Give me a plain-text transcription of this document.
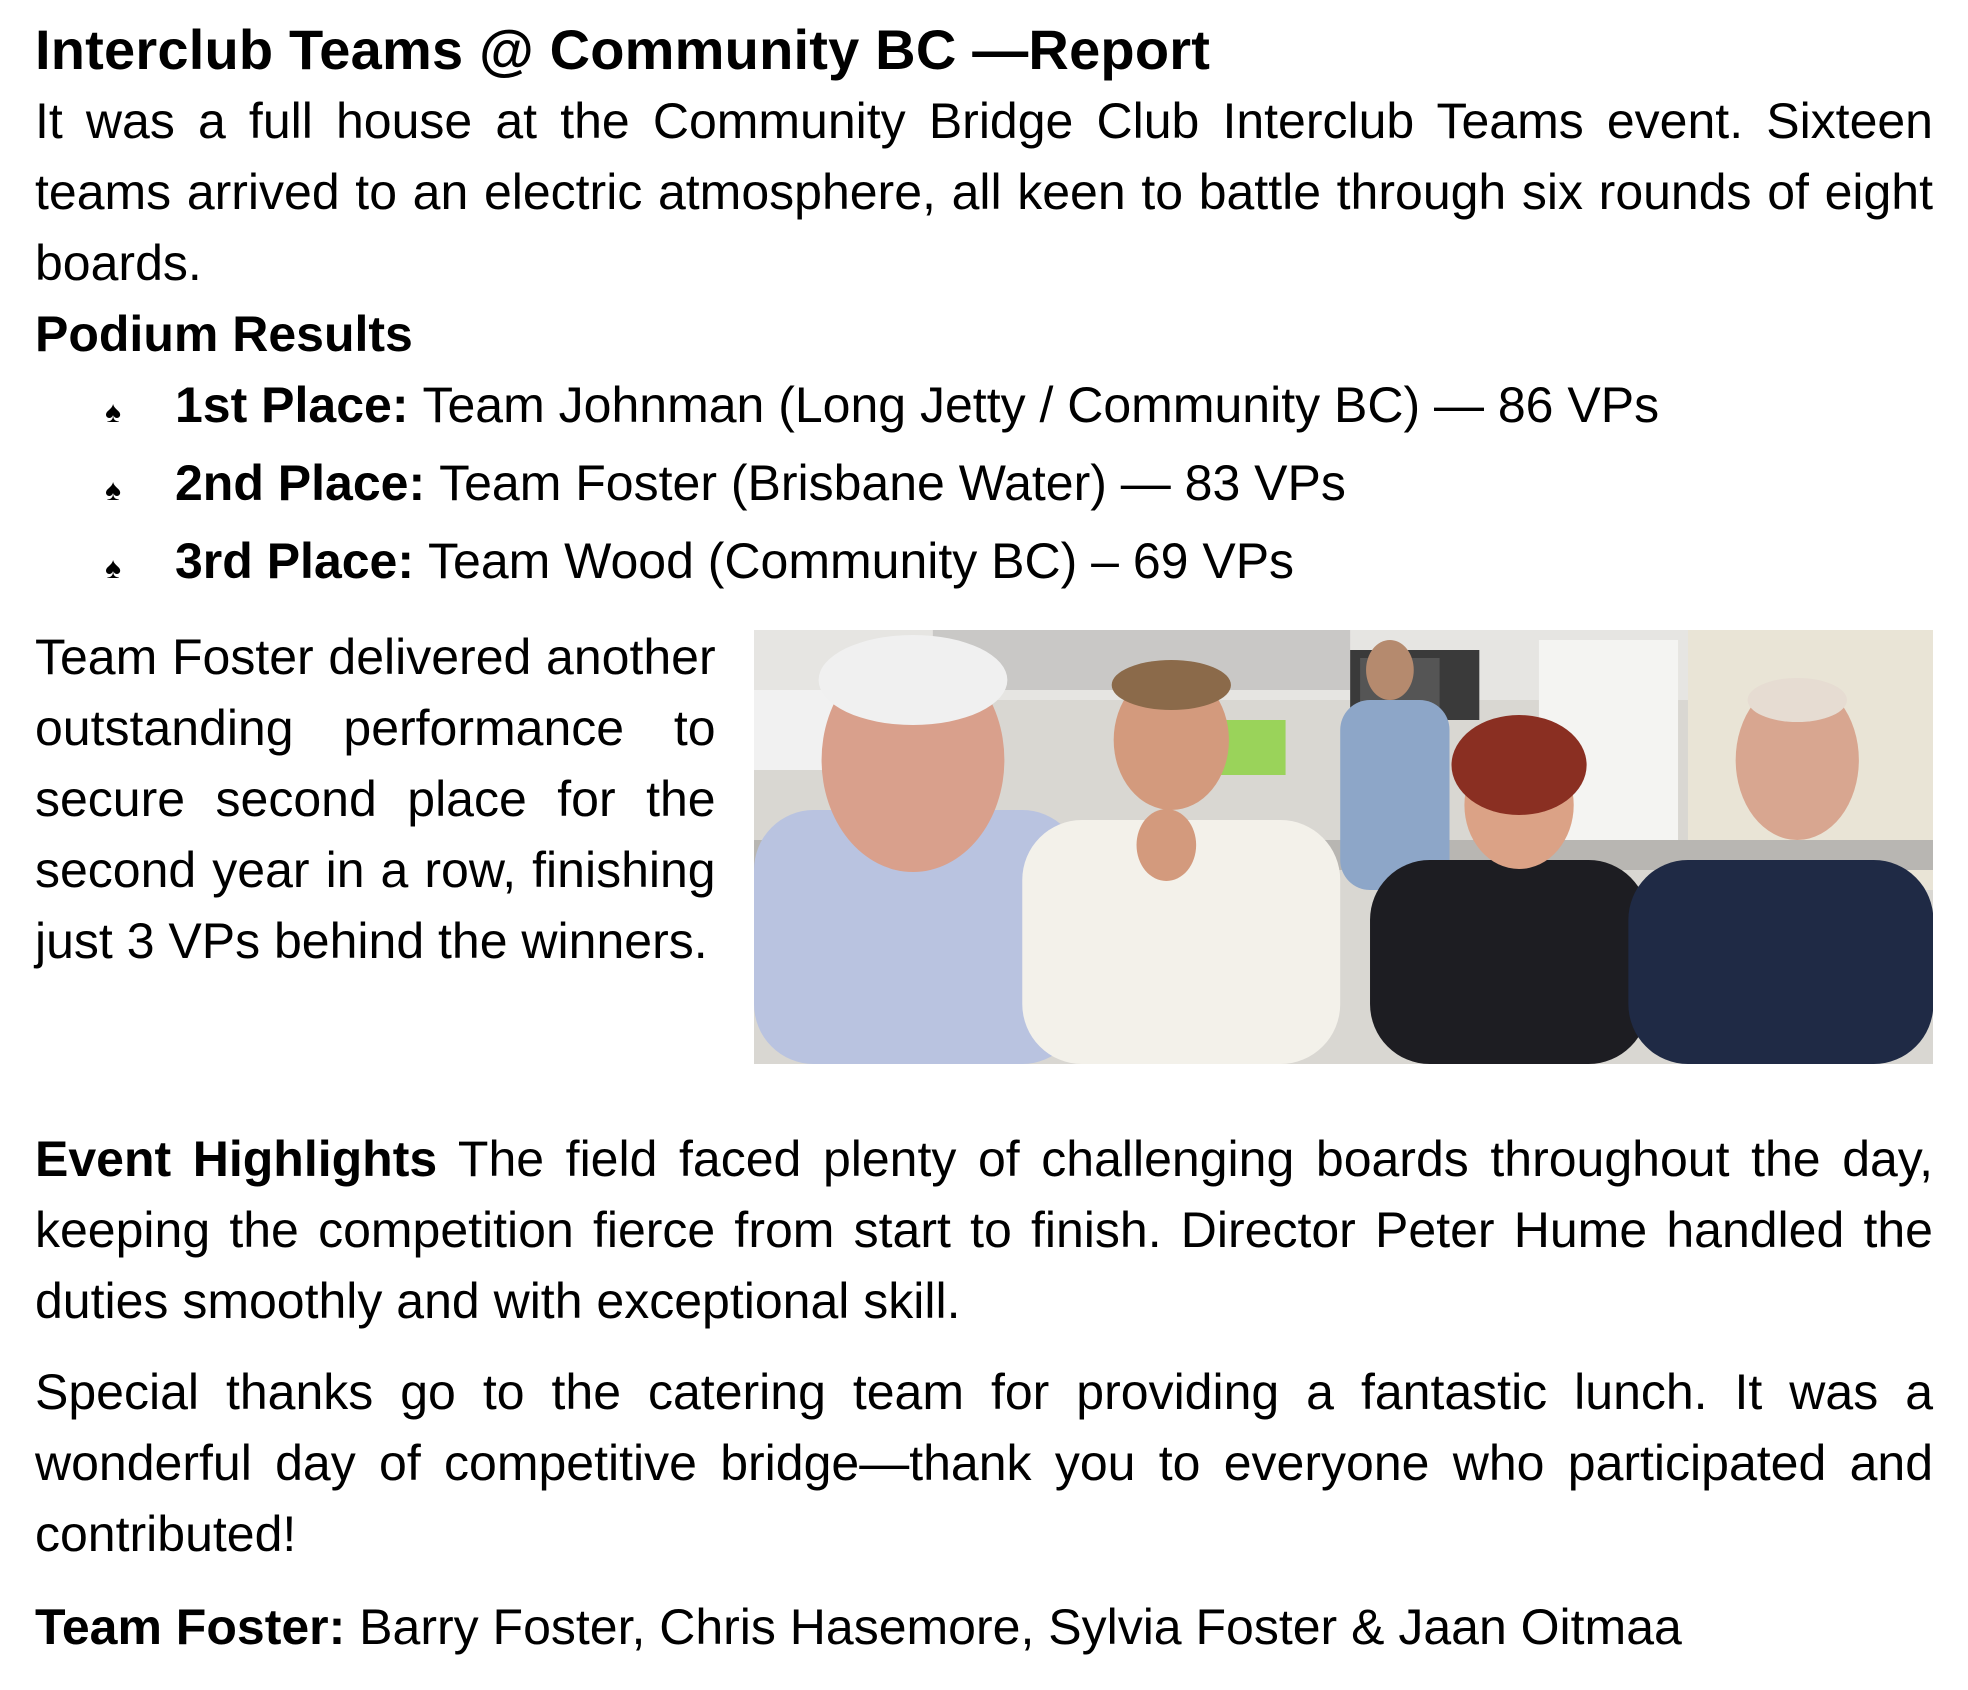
Interclub Teams @ Community BC —Report

It was a full house at the Community Bridge Club Interclub Teams event. Sixteen teams arrived to an electric atmosphere, all keen to battle through six rounds of eight boards.

Podium Results
♠	1st Place: Team Johnman (Long Jetty / Community BC) — 86 VPs
♠	2nd Place: Team Foster (Brisbane Water) — 83 VPs
♠	3rd Place: Team Wood (Community BC) – 69 VPs

Team Foster delivered another outstanding performance to secure second place for the second year in a row, finishing just 3 VPs behind the winners.

Event Highlights The field faced plenty of challenging boards throughout the day, keeping the competition fierce from start to finish. Director Peter Hume handled the duties smoothly and with exceptional skill.

Special thanks go to the catering team for providing a fantastic lunch. It was a wonderful day of competitive bridge—thank you to everyone who participated and contributed!

Team Foster: Barry Foster, Chris Hasemore, Sylvia Foster & Jaan Oitmaa
